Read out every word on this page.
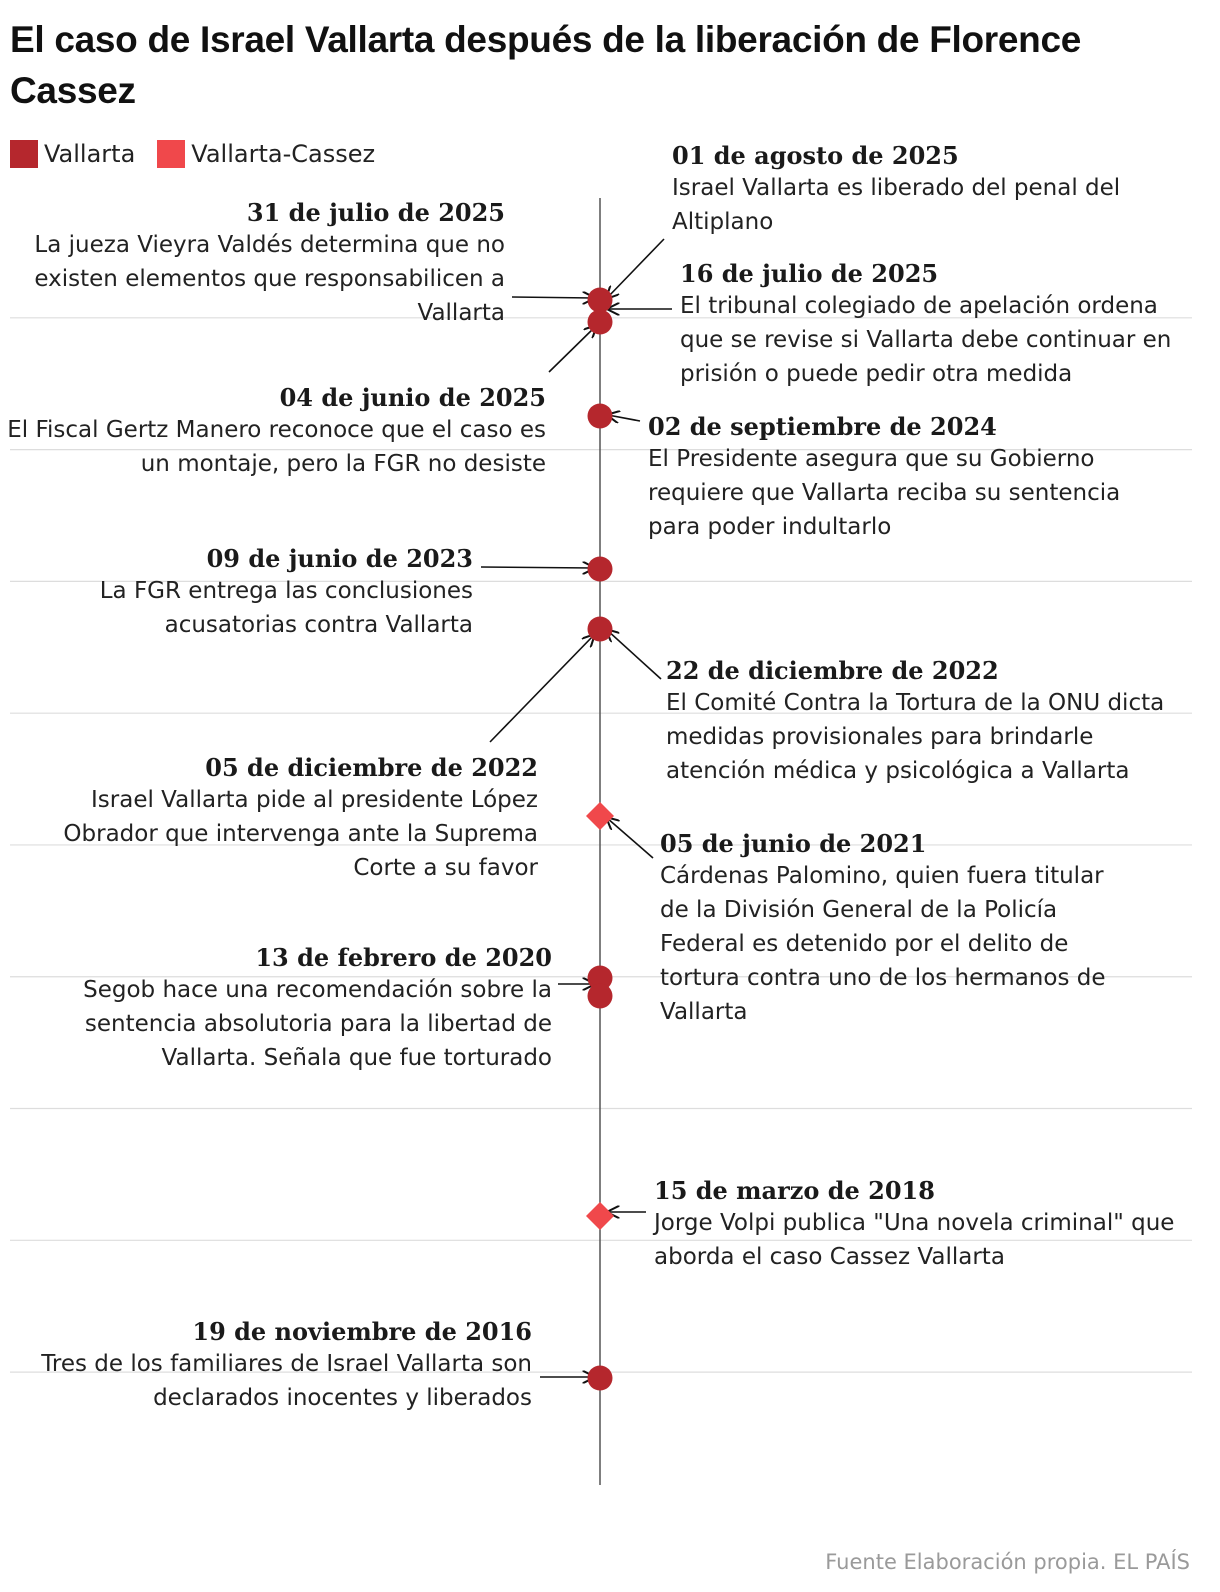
El caso de Israel Vallarta después de la liberación de Florence Cassez
Vallarta Vallarta-Cassez	01 de agosto de 2025
Israel Vallarta es liberado del penal del Altiplano
31 de julio de 2025
La jueza Vieyra Valdés determina que no existen elementos que responsabilicen a Vallarta
16 de julio de 2025
El tribunal colegiado de apelación ordena que se revise si Vallarta debe continuar en prisión o puede pedir otra medida
04 de junio de 2025
El Fiscal Gertz Manero reconoce que el caso es un montaje, pero la FGR no desiste
02 de septiembre de 2024
El Presidente asegura que su Gobierno requiere que Vallarta reciba su sentencia para poder indultarlo
09 de junio de 2023
La FGR entrega las conclusiones acusatorias contra Vallarta
22 de diciembre de 2022
El Comité Contra la Tortura de la ONU dicta medidas provisionales para brindarle atención médica y psicológica a Vallarta
05 de diciembre de 2022
Israel Vallarta pide al presidente López Obrador que intervenga ante la Suprema Corte a su favor
05 de junio de 2021
Cárdenas Palomino, quien fuera titular de la División General de la Policía Federal es detenido por el delito de tortura contra uno de los hermanos de Vallarta
13 de febrero de 2020
Segob hace una recomendación sobre la sentencia absolutoria para la libertad de Vallarta. Señala que fue torturado
15 de marzo de 2018
Jorge Volpi publica "Una novela criminal" que aborda el caso Cassez Vallarta
19 de noviembre de 2016
Tres de los familiares de Israel Vallarta son declarados inocentes y liberados
Fuente Elaboración propia. EL PAÍS
